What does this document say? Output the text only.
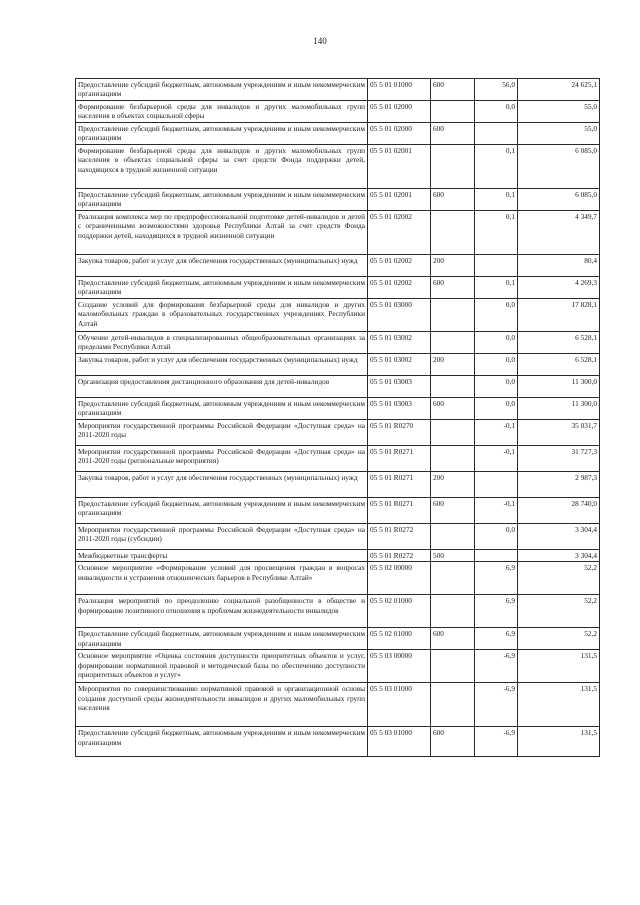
140
Предоставление субсидий бюджетным, автономным учреждениям и иным некоммерческим организациям	05 5 01 01000	600	56,0	24 625,1
Формирование безбарьерной среды для инвалидов и других маломобильных групп населения в объектах социальной сферы	05 5 01 02000		0,0	55,0
Предоставление субсидий бюджетным, автономным учреждениям и иным некоммерческим организациям	05 5 01 02000	600		55,0
Формирование безбарьерной среды для инвалидов и других маломобильных групп населения в объектах социальной сферы за счет средств Фонда поддержки детей, находящихся в трудной жизненной ситуации	05 5 01 02001		0,1	6 085,0
Предоставление субсидий бюджетным, автономным учреждениям и иным некоммерческим организациям	05 5 01 02001	600	0,1	6 085,0
Реализация комплекса мер по предпрофессиональной подготовке детей-инвалидов и детей с ограниченными возможностями здоровья Республики Алтай за счет средств Фонда поддержки детей, находящихся в трудной жизненной ситуации	05 5 01 02002		0,1	4 349,7
Закупка товаров, работ и услуг для обеспечения государственных (муниципальных) нужд	05 5 01 02002	200		80,4
Предоставление субсидий бюджетным, автономным учреждениям и иным некоммерческим организациям	05 5 01 02002	600	0,1	4 269,3
Создание условий для формирования безбарьерной среды для инвалидов и других маломобильных граждан в образовательных государственных учреждениях Республики Алтай	05 5 01 03000		0,0	17 828,1
Обучение детей-инвалидов в специализированных общеобразовательных организациях за пределами Республики Алтай	05 5 01 03002		0,0	6 528,1
Закупка товаров, работ и услуг для обеспечения государственных (муниципальных) нужд	05 5 01 03002	200	0,0	6 528,1
Организация предоставления дистанционного образования для детей-инвалидов	05 5 01 03003		0,0	11 300,0
Предоставление субсидий бюджетным, автономным учреждениям и иным некоммерческим организациям	05 5 01 03003	600	0,0	11 300,0
Мероприятия государственной программы Российской Федерации «Доступная среда» на 2011-2020 годы	05 5 01 R0270		-0,1	35 031,7
Мероприятия государственной программы Российской Федерации «Доступная среда» на 2011-2020 годы (региональные мероприятия)	05 5 01 R0271		-0,1	31 727,3
Закупка товаров, работ и услуг для обеспечения государственных (муниципальных) нужд	05 5 01 R0271	200		2 987,3
Предоставление субсидий бюджетным, автономным учреждениям и иным некоммерческим организациям	05 5 01 R0271	600	-0,1	28 740,0
Мероприятия государственной программы Российской Федерации «Доступная среда» на 2011-2020 годы (субсидии)	05 5 01 R0272		0,0	3 304,4
Межбюджетные трансферты	05 5 01 R0272	500		3 304,4
Основное мероприятие «Формирование условий для просвещения граждан в вопросах инвалидности и устранения отношенческих барьеров в Республике Алтай»	05 5 02 00000		6,9	52,2
Реализация мероприятий по преодолению социальной разобщенности в обществе и формирование позитивного отношения к проблемам жизнедеятельности инвалидов	05 5 02 01000		6,9	52,2
Предоставление субсидий бюджетным, автономным учреждениям и иным некоммерческим организациям	05 5 02 01000	600	6,9	52,2
Основное мероприятие «Оценка состояния доступности приоритетных объектов и услуг, формирование нормативной правовой и методической базы по обеспечению доступности приоритетных объектов и услуг»	05 5 03 00000		-6,9	131,5
Мероприятия по совершенствованию нормативной правовой и организационной основы создания доступной среды жизнедеятельности инвалидов и других маломобильных групп населения	05 5 03 01000		-6,9	131,5
Предоставление субсидий бюджетным, автономным учреждениям и иным некоммерческим организациям	05 5 03 01000	600	-6,9	131,5
